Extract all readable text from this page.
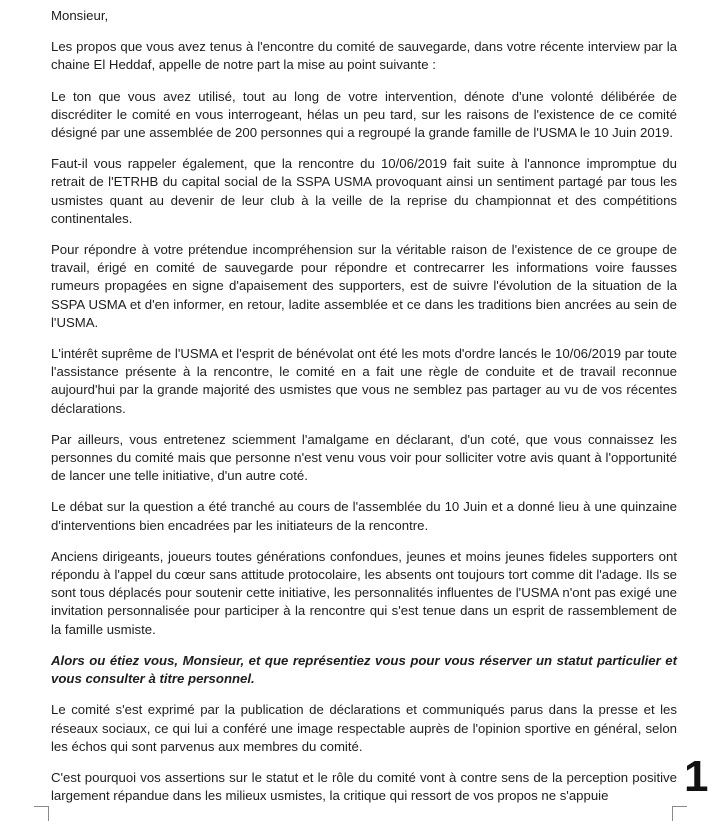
Monsieur,

Les propos que vous avez tenus à l'encontre du comité de sauvegarde, dans votre récente interview par la chaine El Heddaf, appelle de notre part la mise au point suivante :

Le ton que vous avez utilisé, tout au long de votre intervention, dénote d'une volonté délibérée de discréditer le comité en vous interrogeant, hélas un peu tard, sur les raisons de l'existence de ce comité désigné par une assemblée de 200 personnes qui a regroupé la grande famille de l'USMA le 10 Juin 2019.

Faut-il vous rappeler également, que la rencontre du 10/06/2019 fait suite à l'annonce impromptue du retrait de l'ETRHB du capital social de la SSPA USMA provoquant ainsi un sentiment partagé par tous les usmistes quant au devenir de leur club à la veille de la reprise du championnat et des compétitions continentales.

Pour répondre à votre prétendue incompréhension sur la véritable raison de l'existence de ce groupe de travail, érigé en comité de sauvegarde pour répondre et contrecarrer les informations voire fausses rumeurs propagées en signe d'apaisement des supporters, est de suivre l'évolution de la situation de la SSPA USMA et d'en informer, en retour, ladite assemblée et ce dans les traditions bien ancrées au sein de l'USMA.

L'intérêt suprême de l'USMA et l'esprit de bénévolat ont été les mots d'ordre lancés le 10/06/2019 par toute l'assistance présente à la rencontre, le comité en a fait une règle de conduite et de travail reconnue aujourd'hui par la grande majorité des usmistes que vous ne semblez pas partager au vu de vos récentes déclarations.

Par ailleurs, vous entretenez sciemment l'amalgame en déclarant, d'un coté, que vous connaissez les personnes du comité mais que personne n'est venu vous voir pour solliciter votre avis quant à l'opportunité de lancer une telle initiative, d'un autre coté.

Le débat sur la question a été tranché au cours de l'assemblée du 10 Juin et a donné lieu à une quinzaine d'interventions bien encadrées par les initiateurs de la rencontre.

Anciens dirigeants, joueurs toutes générations confondues, jeunes et moins jeunes fideles supporters ont répondu à l'appel du cœur sans attitude protocolaire, les absents ont toujours tort comme dit l'adage. Ils se sont tous déplacés pour soutenir cette initiative, les personnalités influentes de l'USMA n'ont pas exigé une invitation personnalisée pour participer à la rencontre qui s'est tenue dans un esprit de rassemblement de la famille usmiste.

Alors ou étiez vous, Monsieur, et que représentiez vous pour vous réserver un statut particulier et vous consulter à titre personnel.

Le comité s'est exprimé par la publication de déclarations et communiqués parus dans la presse et les réseaux sociaux, ce qui lui a conféré une image respectable auprès de l'opinion sportive en général, selon les échos qui sont parvenus aux membres du comité.

C'est pourquoi vos assertions sur le statut et le rôle du comité vont à contre sens de la perception positive largement répandue dans les milieux usmistes, la critique qui ressort de vos propos ne s'appuie	1
